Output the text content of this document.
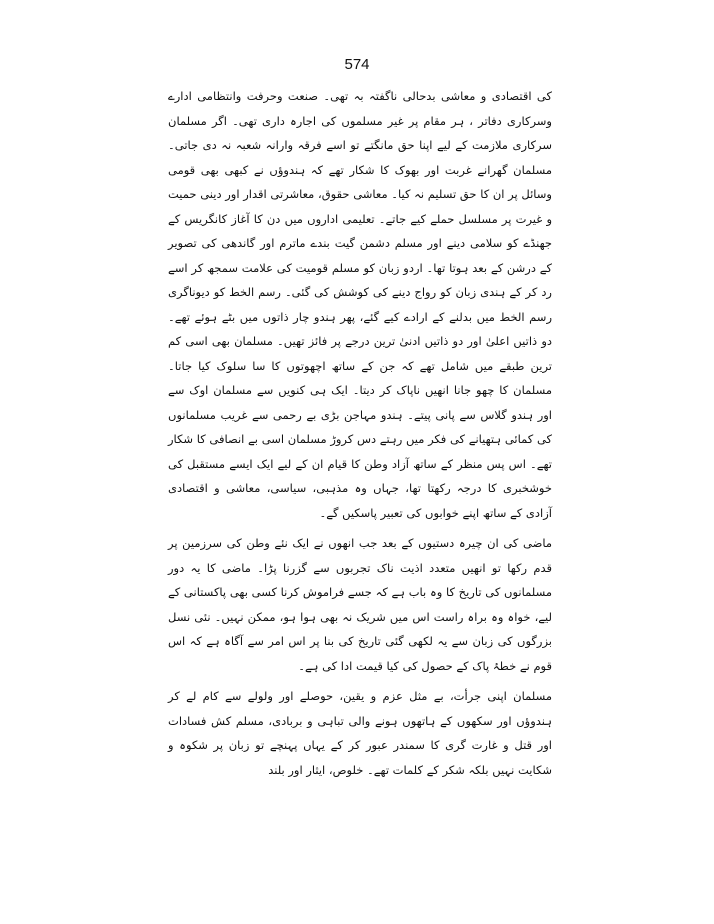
574

کی اقتصادی و معاشی بدحالی ناگفتہ بہ تھی۔ صنعت وحرفت وانتظامی ادارے وسرکاری دفاتر ، ہر مقام پر غیر مسلموں کی اجارہ داری تھی۔ اگر مسلمان سرکاری ملازمت کے لیے اپنا حق مانگتے تو اسے فرقہ وارانہ شعبہ نہ دی جاتی۔ مسلمان گھرانے غربت اور بھوک کا شکار تھے کہ ہندوؤں نے کبھی بھی قومی وسائل پر ان کا حق تسلیم نہ کیا۔ معاشی حقوق، معاشرتی اقدار اور دینی حمیت و غیرت پر مسلسل حملے کیے جاتے۔ تعلیمی اداروں میں دن کا آغاز کانگریس کے جھنڈے کو سلامی دینے اور مسلم دشمن گیت بندے ماترم اور گاندھی کی تصویر کے درشن کے بعد ہوتا تھا۔ اردو زبان کو مسلم قومیت کی علامت سمجھ کر اسے رد کر کے ہندی زبان کو رواج دینے کی کوشش کی گئی۔ رسم الخط کو دیوناگری رسم الخط میں بدلنے کے ارادے کیے گئے، پھر ہندو چار ذاتوں میں بٹے ہوئے تھے۔ دو ذاتیں اعلیٰ اور دو ذاتیں ادنیٰ ترین درجے پر فائز تھیں۔ مسلمان بھی اسی کم ترین طبقے میں شامل تھے کہ جن کے ساتھ اچھوتوں کا سا سلوک کیا جاتا۔ مسلمان کا چھو جانا انھیں ناپاک کر دیتا۔ ایک ہی کنویں سے مسلمان اوک سے اور ہندو گلاس سے پانی پیتے۔ ہندو مہاجن بڑی بے رحمی سے غریب مسلمانوں کی کمائی ہتھیانے کی فکر میں رہتے دس کروڑ مسلمان اسی بے انصافی کا شکار تھے۔ اس پس منظر کے ساتھ آزاد وطن کا قیام ان کے لیے ایک ایسے مستقبل کی خوشخبری کا درجہ رکھتا تھا، جہاں وہ مذہبی، سیاسی، معاشی و اقتصادی آزادی کے ساتھ اپنے خوابوں کی تعبیر پاسکیں گے۔

ماضی کی ان چیرہ دستیوں کے بعد جب انھوں نے ایک نئے وطن کی سرزمین پر قدم رکھا تو انھیں متعدد اذیت ناک تجربوں سے گزرنا پڑا۔ ماضی کا یہ دور مسلمانوں کی تاریخ کا وہ باب ہے کہ جسے فراموش کرنا کسی بھی پاکستانی کے لیے، خواہ وہ براہ راست اس میں شریک نہ بھی ہوا ہو، ممکن نہیں۔ نئی نسل بزرگوں کی زبان سے یہ لکھی گئی تاریخ کی بنا پر اس امر سے آگاہ ہے کہ اس قوم نے خطۂ پاک کے حصول کی کیا قیمت ادا کی ہے۔

مسلمان اپنی جرأت، بے مثل عزم و یقین، حوصلے اور ولولے سے کام لے کر ہندوؤں اور سکھوں کے ہاتھوں ہونے والی تباہی و بربادی، مسلم کش فسادات اور قتل و غارت گری کا سمندر عبور کر کے یہاں پہنچے تو زبان پر شکوہ و شکایت نہیں بلکہ شکر کے کلمات تھے۔ خلوص، ایثار اور بلند
